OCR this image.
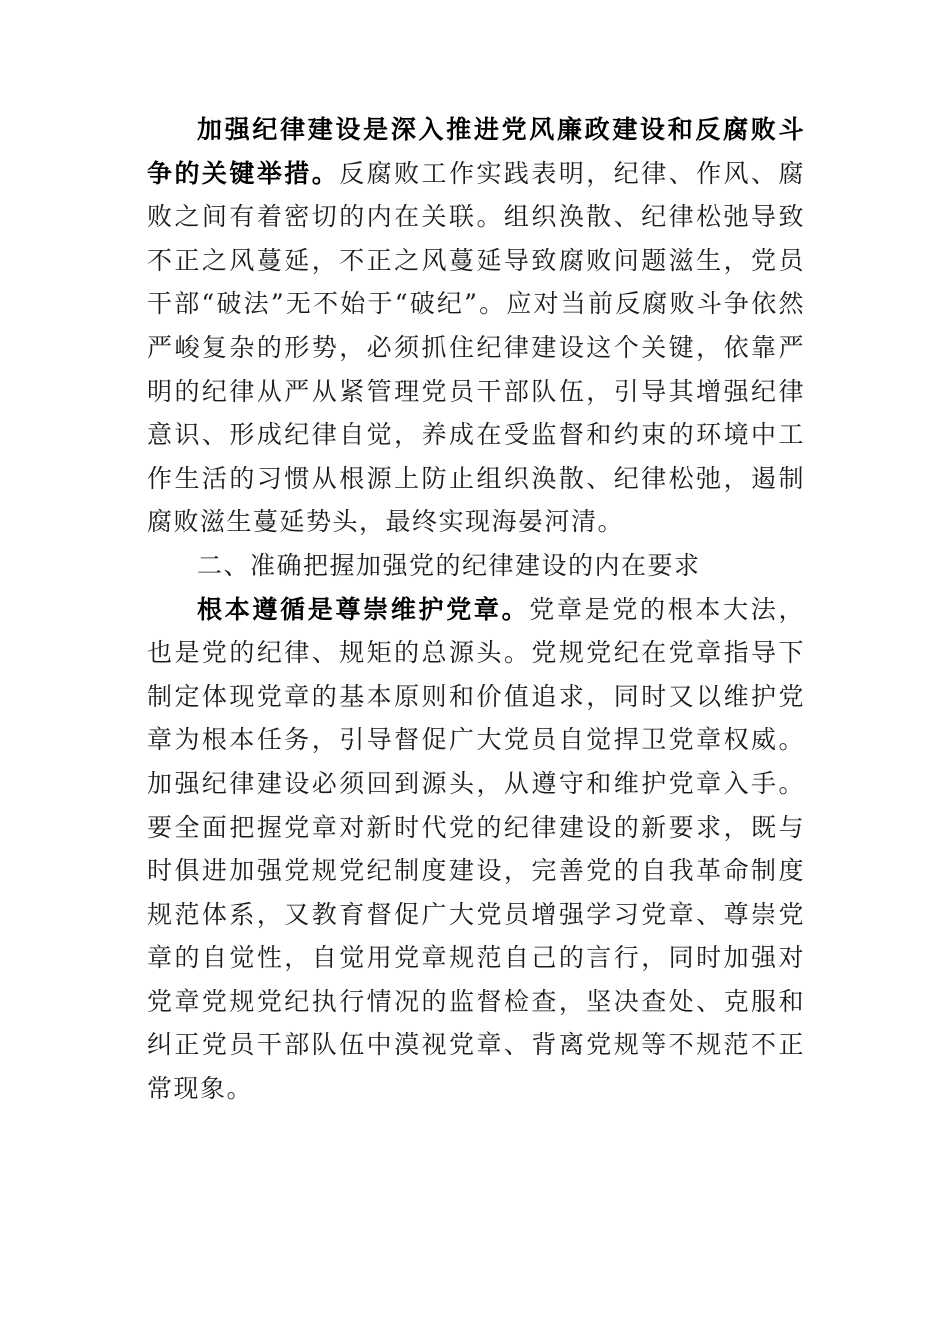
加强纪律建设是深入推进党风廉政建设和反腐败斗争的关键举措。反腐败工作实践表明，纪律、作风、腐败之间有着密切的内在关联。组织涣散、纪律松弛导致不正之风蔓延，不正之风蔓延导致腐败问题滋生，党员干部“破法”无不始于“破纪”。应对当前反腐败斗争依然严峻复杂的形势，必须抓住纪律建设这个关键，依靠严明的纪律从严从紧管理党员干部队伍，引导其增强纪律意识、形成纪律自觉，养成在受监督和约束的环境中工作生活的习惯从根源上防止组织涣散、纪律松弛，遏制腐败滋生蔓延势头，最终实现海晏河清。

二、准确把握加强党的纪律建设的内在要求

根本遵循是尊崇维护党章。党章是党的根本大法，也是党的纪律、规矩的总源头。党规党纪在党章指导下制定体现党章的基本原则和价值追求，同时又以维护党章为根本任务，引导督促广大党员自觉捍卫党章权威。加强纪律建设必须回到源头，从遵守和维护党章入手。要全面把握党章对新时代党的纪律建设的新要求，既与时俱进加强党规党纪制度建设，完善党的自我革命制度规范体系，又教育督促广大党员增强学习党章、尊崇党章的自觉性，自觉用党章规范自己的言行，同时加强对党章党规党纪执行情况的监督检查，坚决查处、克服和纠正党员干部队伍中漠视党章、背离党规等不规范不正常现象。
